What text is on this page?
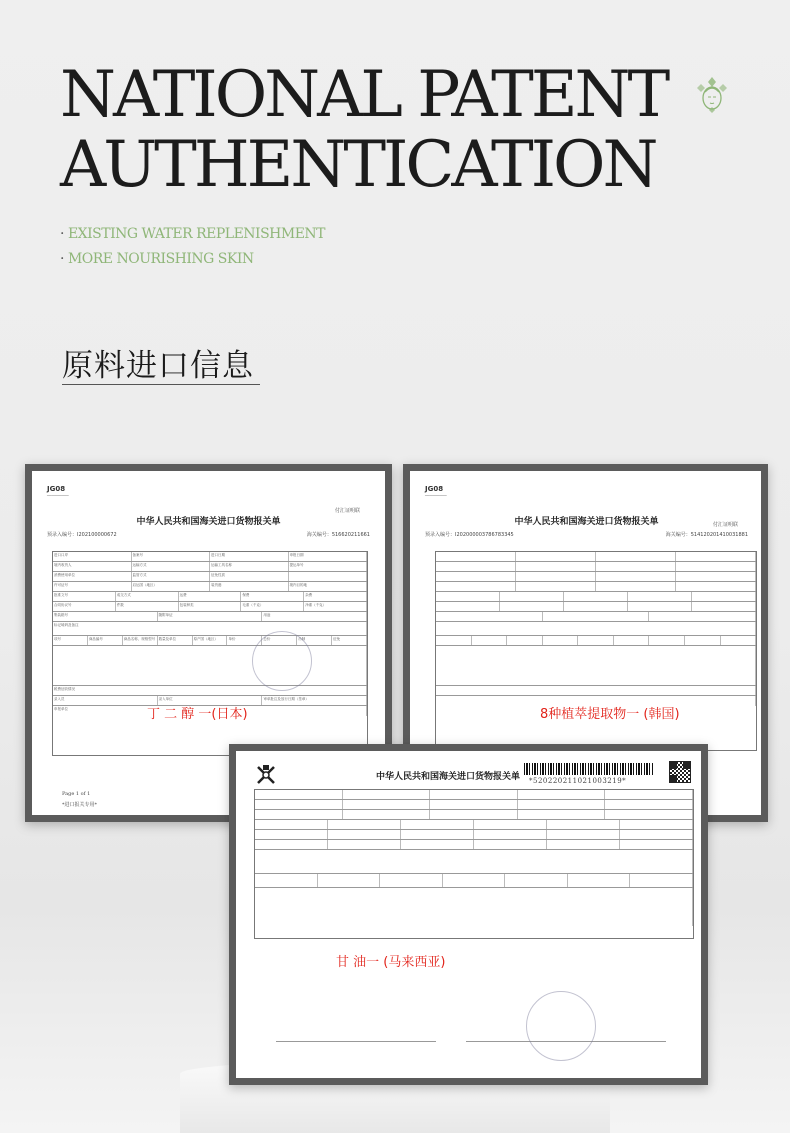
NATIONAL PATENT
AUTHENTICATION
· EXISTING WATER REPLENISHMENT
· MORE NOURISHING SKIN
原料进口信息
JG08
─────────
付汇证明联
中华人民共和国海关进口货物报关单
预录入编号：I202100000672	海关编号：516620211661
进口口岸	备案号	进口日期	申报日期
境内收货人	运输方式	运输工具名称	提运单号
消费使用单位	监管方式	征免性质
许可证号	启运国（地区）	装货港	境内目的地
批准文号	成交方式	运费	保费	杂费
合同协议号	件数	包装种类	毛重（千克）	净重（千克）
集装箱号	随附单证	用途
标记唛码及备注
项号	商品编号	商品名称、规格型号 数量及单位	原产国（地区）	单价	总价	币制	征免
税费征收情况
录入员	录入单位	审单批注及放行日期（签章）
申报单位	丁 二 醇 一(日本)
Page 1 of 1
*进口报关专用*
JG08
─────────
付汇证明联
中华人民共和国海关进口货物报关单
预录入编号：I202000003786783345	海关编号：514120201410031881
8种植萃提取物一 (韩国)
中华人民共和国海关进口货物报关单 *520220211021003219*
甘 油一 (马来西亚)
